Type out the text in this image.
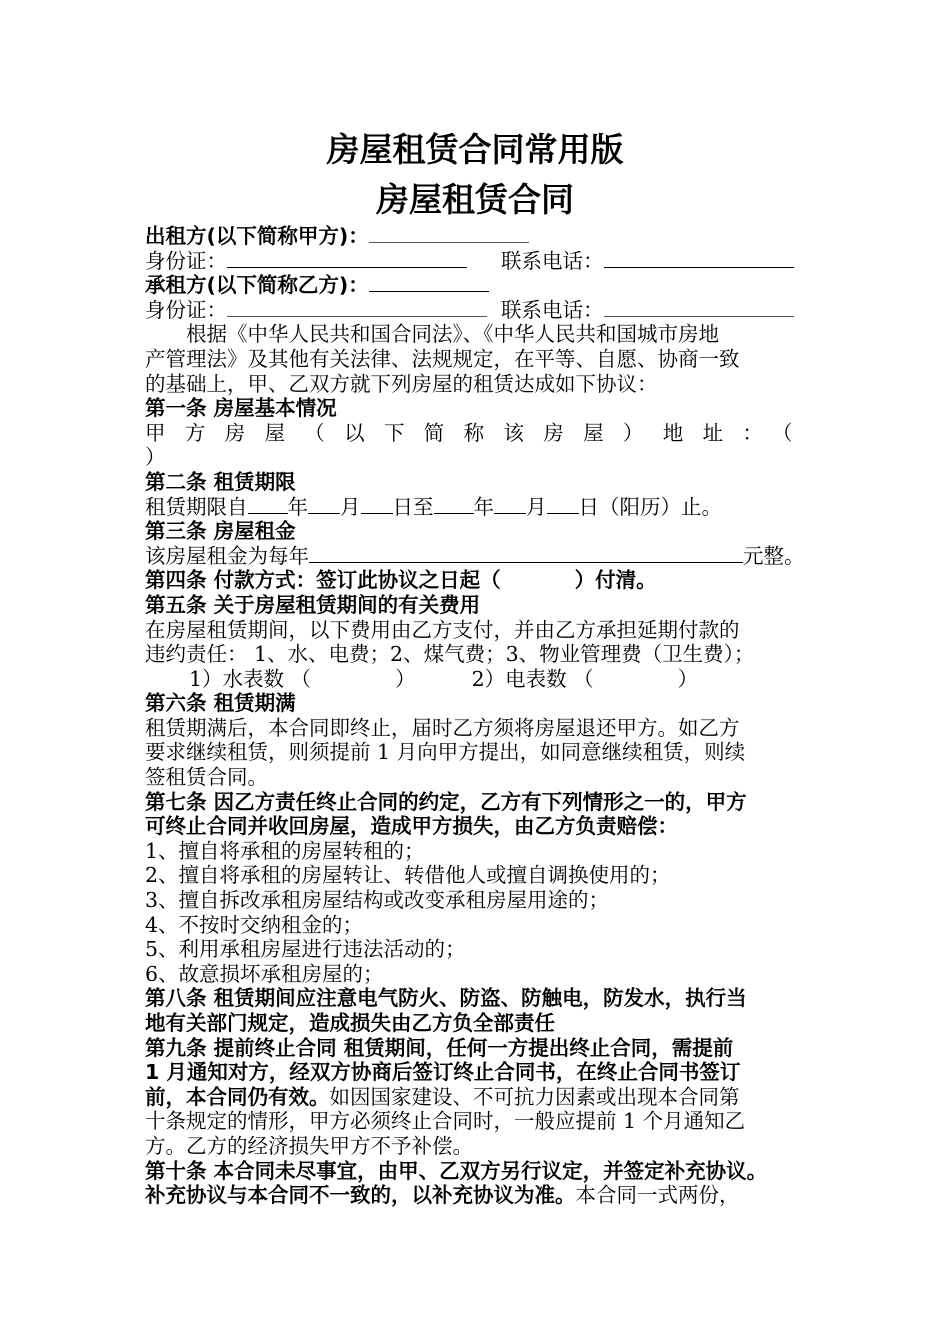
房屋租赁合同常用版
房屋租赁合同
出租方(以下简称甲方)：
身份证：	联系电话：
承租方(以下简称乙方)：
身份证：	联系电话：
根据《中华人民共和国合同法》、《中华人民共和国城市房地
产管理法》及其他有关法律、法规规定，在平等、自愿、协商一致
的基础上，甲、乙双方就下列房屋的租赁达成如下协议：
第一条 房屋基本情况
甲方房屋（以下简称该房屋）地址：（
）
第二条 租赁期限
租赁期限自 年 月 日至 年 月 日（阳历）止。
第三条 房屋租金
该房屋租金为每年	元整。
第四条 付款方式：签订此协议之日起（	）付清。
第五条 关于房屋租赁期间的有关费用
在房屋租赁期间，以下费用由乙方支付，并由乙方承担延期付款的
违约责任： 1、水、电费；2、煤气费；3、物业管理费（卫生费）；
1）水表数 （	）	2）电表数 （	）
第六条 租赁期满
租赁期满后，本合同即终止，届时乙方须将房屋退还甲方。如乙方
要求继续租赁，则须提前 1 月向甲方提出，如同意继续租赁，则续
签租赁合同。
第七条 因乙方责任终止合同的约定，乙方有下列情形之一的，甲方
可终止合同并收回房屋，造成甲方损失，由乙方负责赔偿：
1、擅自将承租的房屋转租的；
2、擅自将承租的房屋转让、转借他人或擅自调换使用的；
3、擅自拆改承租房屋结构或改变承租房屋用途的；
4、不按时交纳租金的；
5、利用承租房屋进行违法活动的；
6、故意损坏承租房屋的；
第八条 租赁期间应注意电气防火、防盗、防触电，防发水，执行当
地有关部门规定，造成损失由乙方负全部责任
第九条 提前终止合同 租赁期间，任何一方提出终止合同，需提前
1 月通知对方，经双方协商后签订终止合同书，在终止合同书签订
前，本合同仍有效。如因国家建设、不可抗力因素或出现本合同第
十条规定的情形，甲方必须终止合同时，一般应提前 1 个月通知乙
方。乙方的经济损失甲方不予补偿。
第十条 本合同未尽事宜，由甲、乙双方另行议定，并签定补充协议。
补充协议与本合同不一致的，以补充协议为准。本合同一式两份，
